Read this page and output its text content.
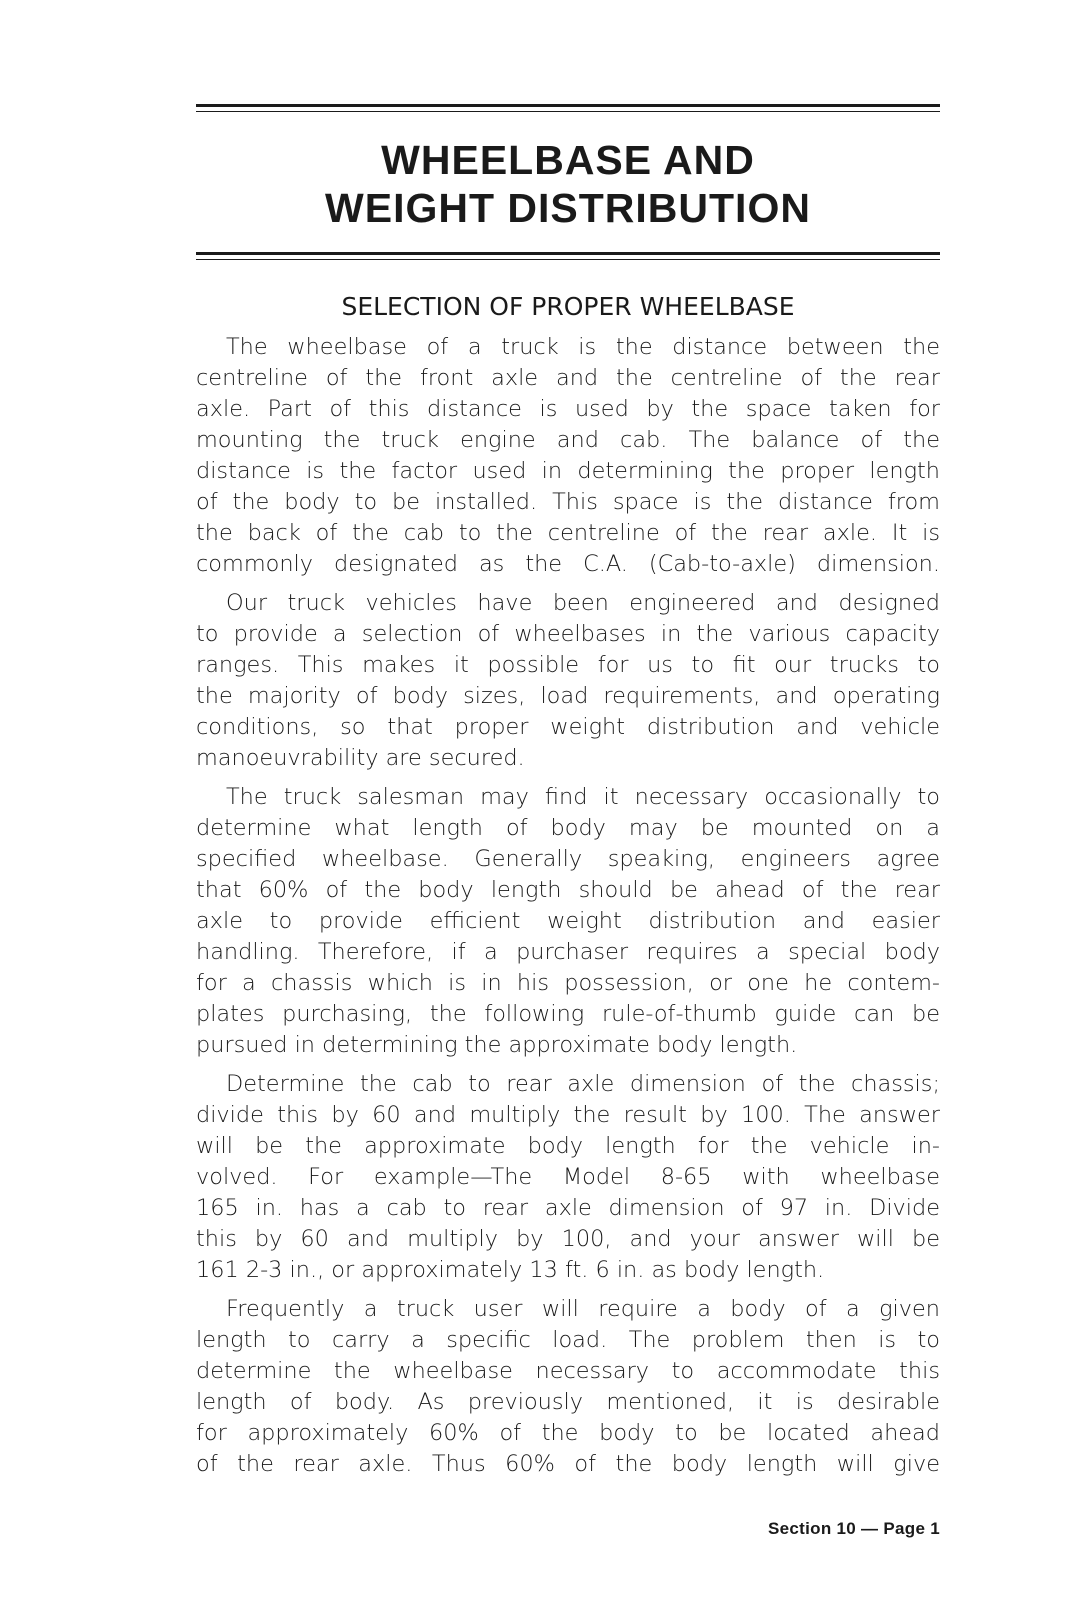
WHEELBASE AND
WEIGHT DISTRIBUTION
SELECTION OF PROPER WHEELBASE
The wheelbase of a truck is the distance between the
centreline of the front axle and the centreline of the rear
axle. Part of this distance is used by the space taken for
mounting the truck engine and cab. The balance of the
distance is the factor used in determining the proper length
of the body to be installed. This space is the distance from
the back of the cab to the centreline of the rear axle. It is
commonly designated as the C.A. (Cab-to-axle) dimension.
Our truck vehicles have been engineered and designed
to provide a selection of wheelbases in the various capacity
ranges. This makes it possible for us to fit our trucks to
the majority of body sizes, load requirements, and operating
conditions, so that proper weight distribution and vehicle
manoeuvrability are secured.
The truck salesman may find it necessary occasionally to
determine what length of body may be mounted on a
specified wheelbase. Generally speaking, engineers agree
that 60% of the body length should be ahead of the rear
axle to provide efficient weight distribution and easier
handling. Therefore, if a purchaser requires a special body
for a chassis which is in his possession, or one he contem-
plates purchasing, the following rule-of-thumb guide can be
pursued in determining the approximate body length.
Determine the cab to rear axle dimension of the chassis;
divide this by 60 and multiply the result by 100. The answer
will be the approximate body length for the vehicle in-
volved. For example—The Model 8-65 with wheelbase
165 in. has a cab to rear axle dimension of 97 in. Divide
this by 60 and multiply by 100, and your answer will be
161 2-3 in., or approximately 13 ft. 6 in. as body length.
Frequently a truck user will require a body of a given
length to carry a specific load. The problem then is to
determine the wheelbase necessary to accommodate this
length of body. As previously mentioned, it is desirable
for approximately 60% of the body to be located ahead
of the rear axle. Thus 60% of the body length will give
Section 10 — Page 1
